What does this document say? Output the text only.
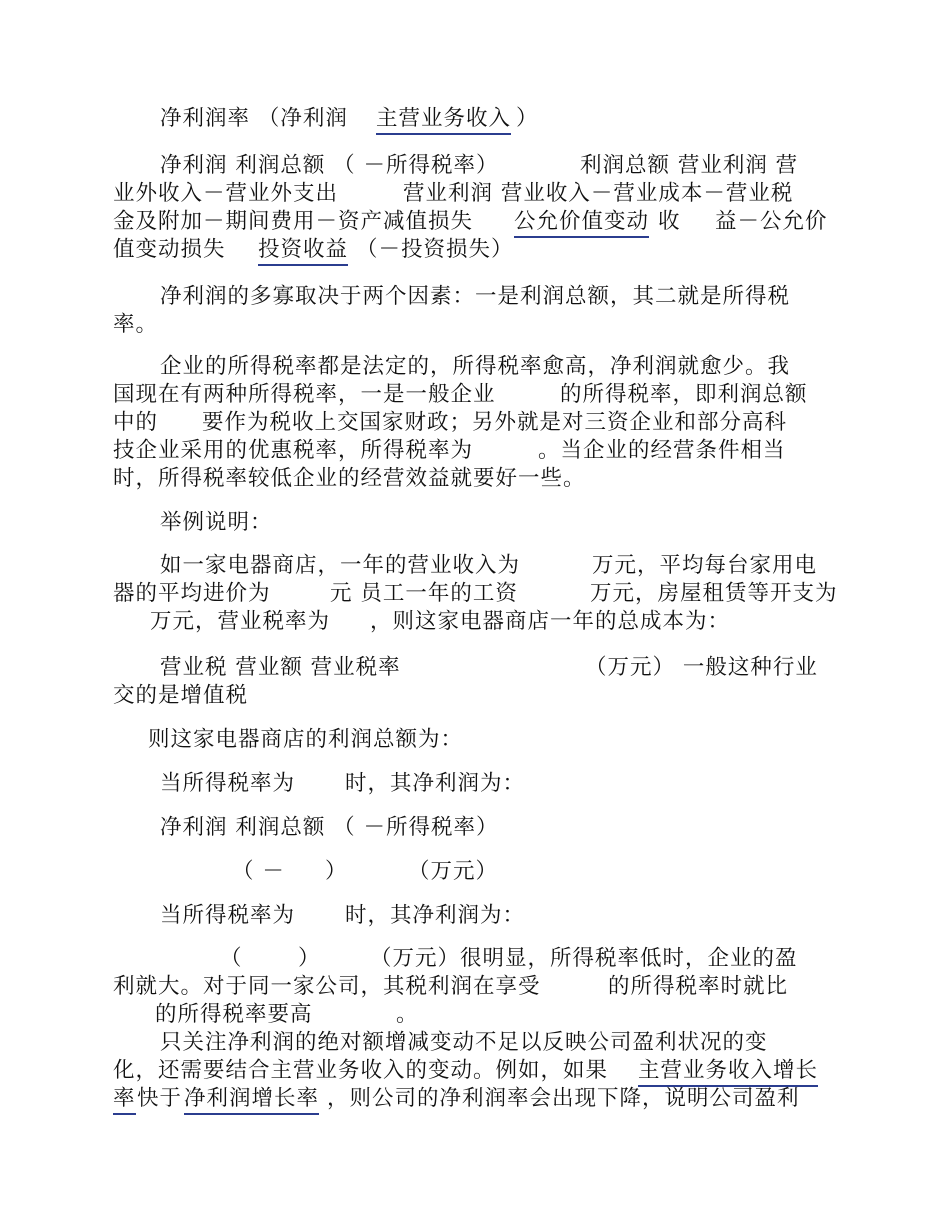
净利润率 （净利润 主营业务收入 ）
净利润 利润总额 （ －所得税率）	利润总额 营业利润 营
业外收入－营业外支出	营业利润 营业收入－营业成本－营业税
金及附加－期间费用－资产减值损失 公允价值变动 收 益－公允价
值变动损失 投资收益 （－投资损失）
净利润的多寡取决于两个因素：一是利润总额，其二就是所得税
率。
企业的所得税率都是法定的，所得税率愈高，净利润就愈少。我
国现在有两种所得税率，一是一般企业	的所得税率，即利润总额
中的 要作为税收上交国家财政；另外就是对三资企业和部分高科
技企业采用的优惠税率，所得税率为	。当企业的经营条件相当
时，所得税率较低企业的经营效益就要好一些。
举例说明：
如一家电器商店，一年的营业收入为	万元，平均每台家用电
器的平均进价为	元 员工一年的工资	万元，房屋租赁等开支为
万元，营业税率为 ，则这家电器商店一年的总成本为：
营业税 营业额 营业税率	（万元） 一般这种行业
交的是增值税
则这家电器商店的利润总额为：
当所得税率为 时，其净利润为：
净利润 利润总额 （ －所得税率）
（ － ）	（万元）
当所得税率为 时，其净利润为：
（	） （万元）很明显，所得税率低时，企业的盈
利就大。对于同一家公司，其税利润在享受	的所得税率时就比
的所得税率要高	。
只关注净利润的绝对额增减变动不足以反映公司盈利状况的变
化，还需要结合主营业务收入的变动。例如，如果 主营业务收入增长
率 快于 净利润增长率 ，则公司的净利润率会出现下降，说明公司盈利
